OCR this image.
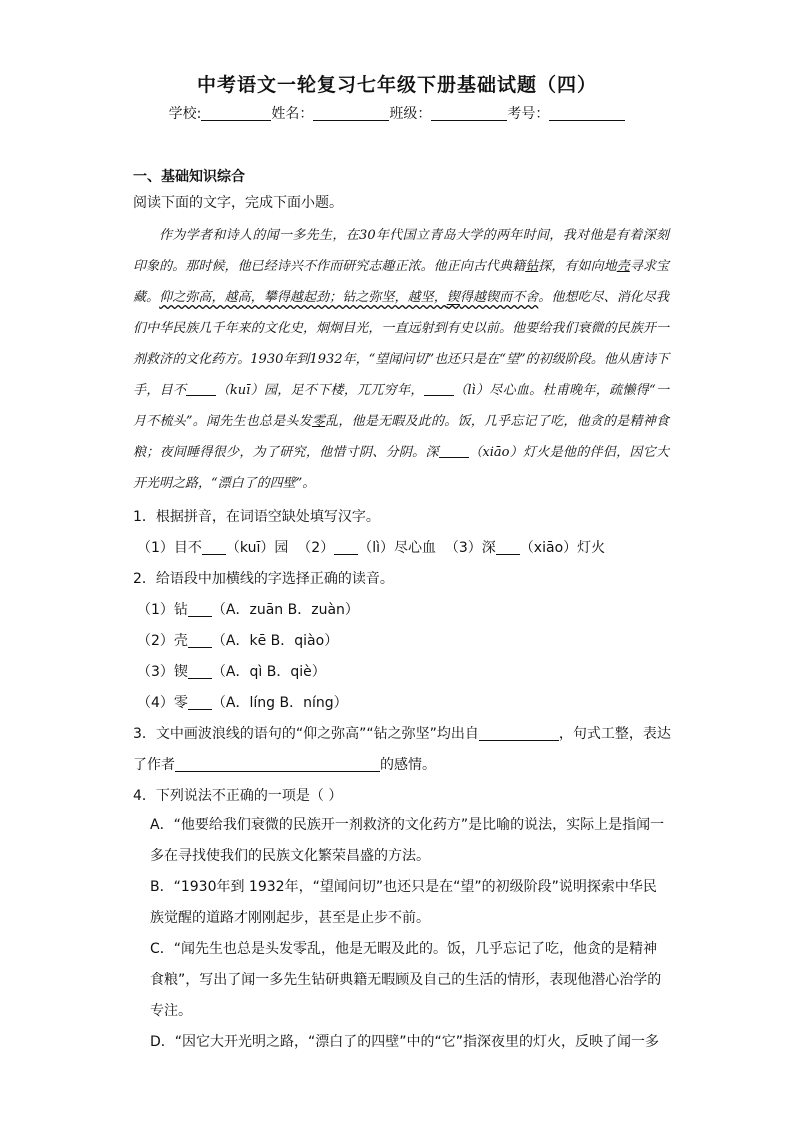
中考语文一轮复习七年级下册基础试题（四）
学校:	姓名：	班级：	考号：
一、基础知识综合
阅读下面的文字，完成下面小题。

作为学者和诗人的闻一多先生，在30年代国立青岛大学的两年时间，我对他是有着深刻印象的。那时候，他已经诗兴不作而研究志趣正浓。他正向古代典籍钻探，有如向地壳寻求宝藏。仰之弥高，越高，攀得越起劲；钻之弥坚，越坚，锲得越锲而不舍。他想吃尽、消化尽我们中华民族几千年来的文化史，炯炯目光，一直远射到有史以前。他要给我们衰微的民族开一剂救济的文化药方。1930年到1932年，“望闻问切”也还只是在“望”的初级阶段。他从唐诗下手，目不 （kuī）园，足不下楼，兀兀穷年， （lì）尽心血。杜甫晚年，疏懒得“一月不梳头”。闻先生也总是头发零乱，他是无暇及此的。饭，几乎忘记了吃，他贪的是精神食粮；夜间睡得很少，为了研究，他惜寸阴、分阴。深 （xiāo）灯火是他的伴侣，因它大开光明之路，“漂白了的四壁”。

1．根据拼音，在词语空缺处填写汉字。
（1）目不 （kuī）园 （2） （lì）尽心血 （3）深 （xiāo）灯火
2．给语段中加横线的字选择正确的读音。
（1）钻 （A．zuān B．zuàn）
（2）壳 （A．kē B．qiào）
（3）锲 （A．qì B．qiè）
（4）零 （A．líng B．níng）
3．文中画波浪线的语句的“仰之弥高”“钻之弥坚”均出自	，句式工整，表达
了作者	的感情。
4．下列说法不正确的一项是（ ）
A．“他要给我们衰微的民族开一剂救济的文化药方”是比喻的说法，实际上是指闻一多在寻找使我们的民族文化繁荣昌盛的方法。
B．“1930年到 1932年，“望闻问切”也还只是在“望”的初级阶段”说明探索中华民族觉醒的道路才刚刚起步，甚至是止步不前。
C．“闻先生也总是头发零乱，他是无暇及此的。饭，几乎忘记了吃，他贪的是精神食粮”，写出了闻一多先生钻研典籍无暇顾及自己的生活的情形，表现他潜心治学的专注。
D．“因它大开光明之路，“漂白了的四壁”中的“它”指深夜里的灯火，反映了闻一多
